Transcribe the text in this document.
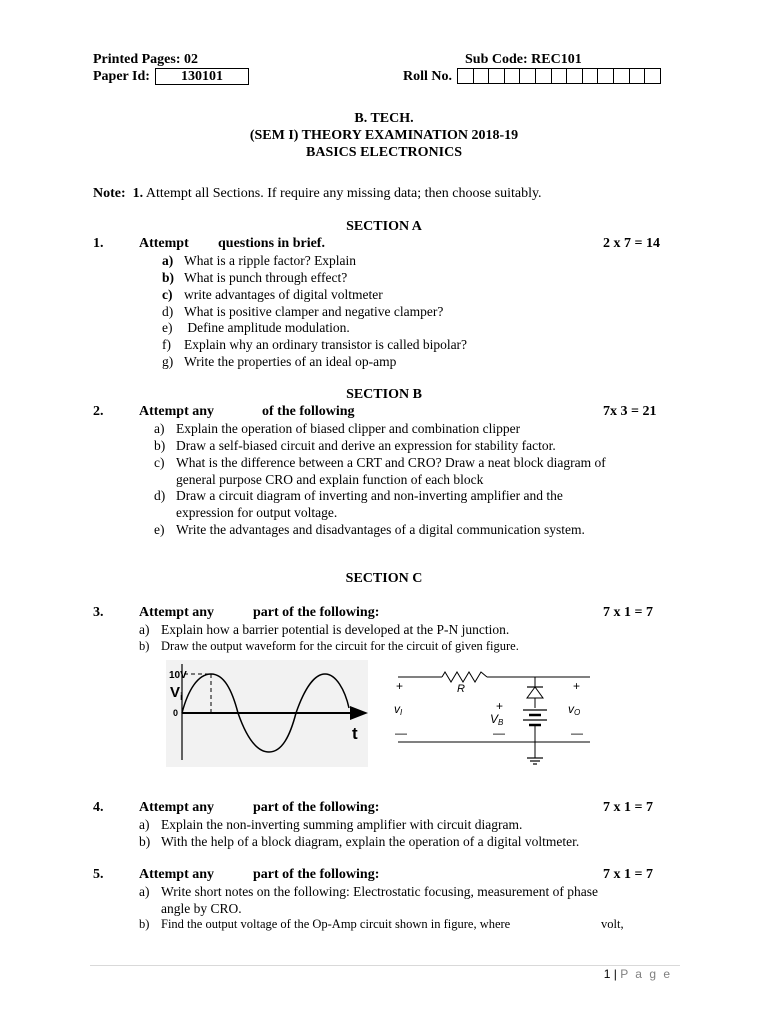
Printed Pages: 02	Sub Code: REC101
Paper Id:	130101	Roll No.
B. TECH.
(SEM I) THEORY EXAMINATION 2018-19
BASICS ELECTRONICS
Note: 1. Attempt all Sections. If require any missing data; then choose suitably.
SECTION A
1.	Attempt questions in brief.	2 x 7 = 14
a) What is a ripple factor? Explain
b) What is punch through effect?
c) write advantages of digital voltmeter
d) What is positive clamper and negative clamper?
e) Define amplitude modulation.
f) Explain why an ordinary transistor is called bipolar?
g) Write the properties of an ideal op-amp
SECTION B
2.	Attempt any	of the following	7x 3 = 21
a) Explain the operation of biased clipper and combination clipper
b) Draw a self-biased circuit and derive an expression for stability factor.
c) What is the difference between a CRT and CRO? Draw a neat block diagram of
general purpose CRO and explain function of each block
d) Draw a circuit diagram of inverting and non-inverting amplifier and the
expression for output voltage.
e) Write the advantages and disadvantages of a digital communication system.
SECTION C
3.	Attempt any	part of the following:	7 x 1 = 7
a) Explain how a barrier potential is developed at the P-N junction.
b) Draw the output waveform for the circuit for the circuit of given figure.
10V
$V_i$
0
t
+	+
+
—	—
—
R
vI	vO
VB
4.	Attempt any	part of the following:	7 x 1 = 7
a) Explain the non-inverting summing amplifier with circuit diagram.
b) With the help of a block diagram, explain the operation of a digital voltmeter.
5.	Attempt any	part of the following:	7 x 1 = 7
a) Write short notes on the following: Electrostatic focusing, measurement of phase
angle by CRO.
b) Find the output voltage of the Op-Amp circuit shown in figure, where	volt,
1 | P a g e
